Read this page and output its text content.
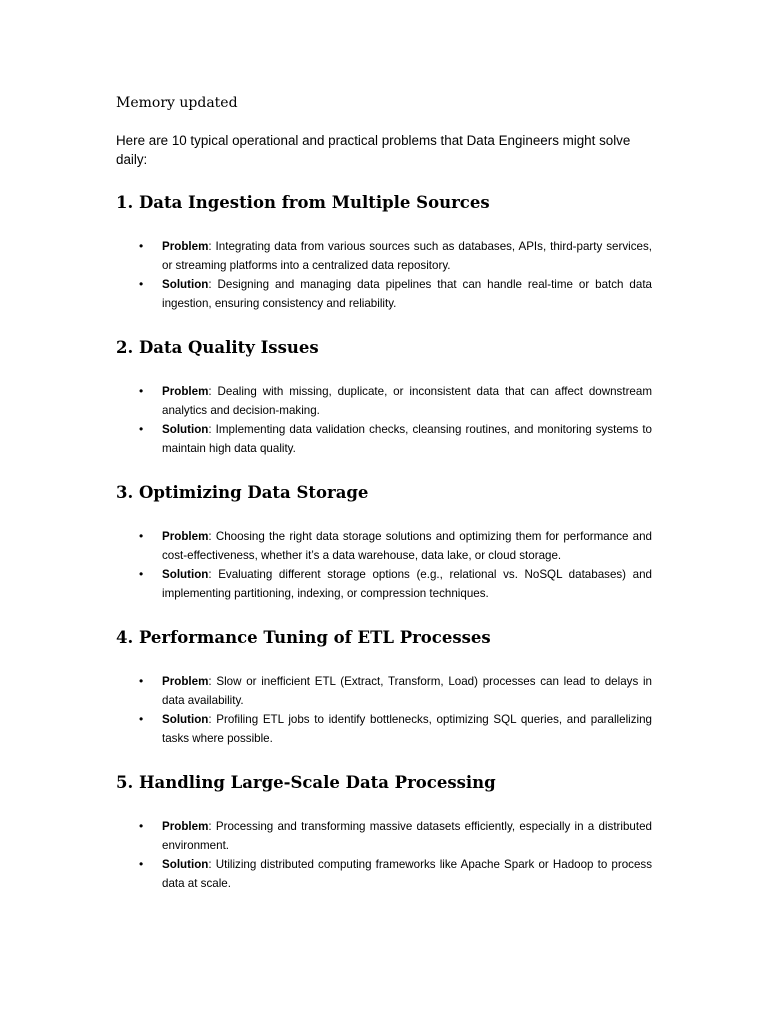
Memory updated

Here are 10 typical operational and practical problems that Data Engineers might solve daily:

1. Data Ingestion from Multiple Sources
• Problem: Integrating data from various sources such as databases, APIs, third-party services, or streaming platforms into a centralized data repository.
• Solution: Designing and managing data pipelines that can handle real-time or batch data ingestion, ensuring consistency and reliability.
2. Data Quality Issues
• Problem: Dealing with missing, duplicate, or inconsistent data that can affect downstream analytics and decision-making.
• Solution: Implementing data validation checks, cleansing routines, and monitoring systems to maintain high data quality.
3. Optimizing Data Storage
• Problem: Choosing the right data storage solutions and optimizing them for performance and cost-effectiveness, whether it’s a data warehouse, data lake, or cloud storage.
• Solution: Evaluating different storage options (e.g., relational vs. NoSQL databases) and implementing partitioning, indexing, or compression techniques.
4. Performance Tuning of ETL Processes
• Problem: Slow or inefficient ETL (Extract, Transform, Load) processes can lead to delays in data availability.
• Solution: Profiling ETL jobs to identify bottlenecks, optimizing SQL queries, and parallelizing tasks where possible.
5. Handling Large-Scale Data Processing
• Problem: Processing and transforming massive datasets efficiently, especially in a distributed environment.
• Solution: Utilizing distributed computing frameworks like Apache Spark or Hadoop to process data at scale.
